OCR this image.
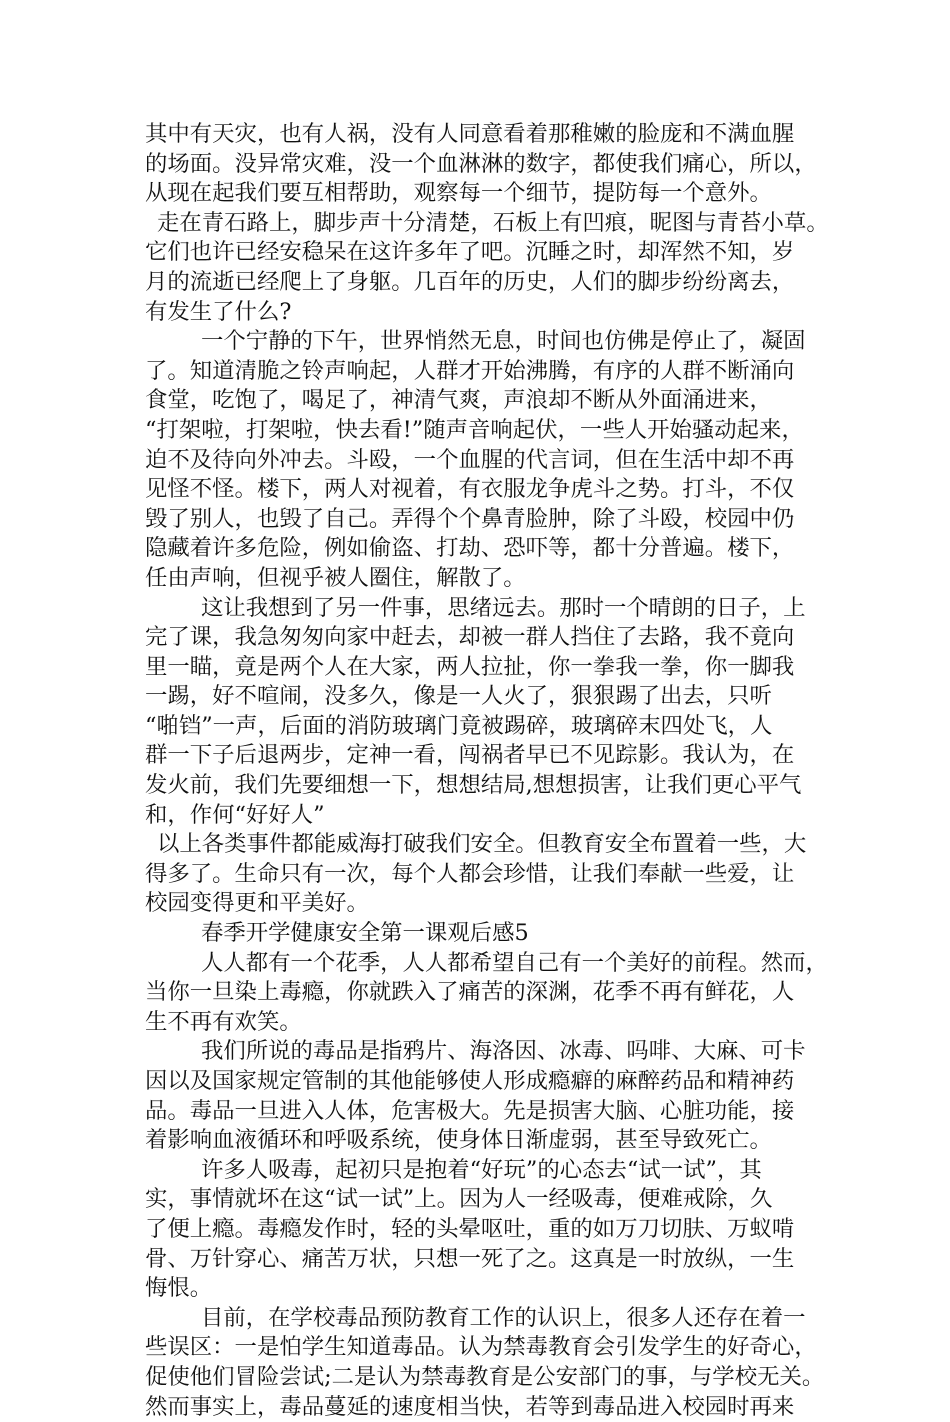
其中有天灾，也有人祸，没有人同意看着那稚嫩的脸庞和不满血腥
的场面。没异常灾难，没一个血淋淋的数字，都使我们痛心，所以，
从现在起我们要互相帮助，观察每一个细节，提防每一个意外。
走在青石路上，脚步声十分清楚，石板上有凹痕，昵图与青苔小草。
它们也许已经安稳呆在这许多年了吧。沉睡之时，却浑然不知，岁
月的流逝已经爬上了身躯。几百年的历史，人们的脚步纷纷离去，
有发生了什么?
一个宁静的下午，世界悄然无息，时间也仿佛是停止了，凝固
了。知道清脆之铃声响起，人群才开始沸腾，有序的人群不断涌向
食堂，吃饱了，喝足了，神清气爽，声浪却不断从外面涌进来，
“打架啦，打架啦，快去看!”随声音响起伏，一些人开始骚动起来，
迫不及待向外冲去。斗殴，一个血腥的代言词，但在生活中却不再
见怪不怪。楼下，两人对视着，有衣服龙争虎斗之势。打斗，不仅
毁了别人，也毁了自己。弄得个个鼻青脸肿，除了斗殴，校园中仍
隐藏着许多危险，例如偷盗、打劫、恐吓等，都十分普遍。楼下，
任由声响，但视乎被人圈住，解散了。
这让我想到了另一件事，思绪远去。那时一个晴朗的日子，上
完了课，我急匆匆向家中赶去，却被一群人挡住了去路，我不竟向
里一瞄，竟是两个人在大家，两人拉扯，你一拳我一拳，你一脚我
一踢，好不喧闹，没多久，像是一人火了，狠狠踢了出去，只听
“啪铛”一声，后面的消防玻璃门竟被踢碎，玻璃碎末四处飞，人
群一下子后退两步，定神一看，闯祸者早已不见踪影。我认为，在
发火前，我们先要细想一下，想想结局,想想损害，让我们更心平气
和，作何“好好人”
以上各类事件都能威海打破我们安全。但教育安全布置着一些，大
得多了。生命只有一次，每个人都会珍惜，让我们奉献一些爱，让
校园变得更和平美好。
春季开学健康安全第一课观后感5
人人都有一个花季，人人都希望自己有一个美好的前程。然而，
当你一旦染上毒瘾，你就跌入了痛苦的深渊，花季不再有鲜花，人
生不再有欢笑。
我们所说的毒品是指鸦片、海洛因、冰毒、吗啡、大麻、可卡
因以及国家规定管制的其他能够使人形成瘾癖的麻醉药品和精神药
品。毒品一旦进入人体，危害极大。先是损害大脑、心脏功能，接
着影响血液循环和呼吸系统，使身体日渐虚弱，甚至导致死亡。
许多人吸毒，起初只是抱着“好玩”的心态去“试一试”，其
实，事情就坏在这“试一试”上。因为人一经吸毒，便难戒除，久
了便上瘾。毒瘾发作时，轻的头晕呕吐，重的如万刀切肤、万蚁啃
骨、万针穿心、痛苦万状，只想一死了之。这真是一时放纵，一生
悔恨。
目前，在学校毒品预防教育工作的认识上，很多人还存在着一
些误区：一是怕学生知道毒品。认为禁毒教育会引发学生的好奇心，
促使他们冒险尝试;二是认为禁毒教育是公安部门的事，与学校无关。
然而事实上，毒品蔓延的速度相当快，若等到毒品进入校园时再来
